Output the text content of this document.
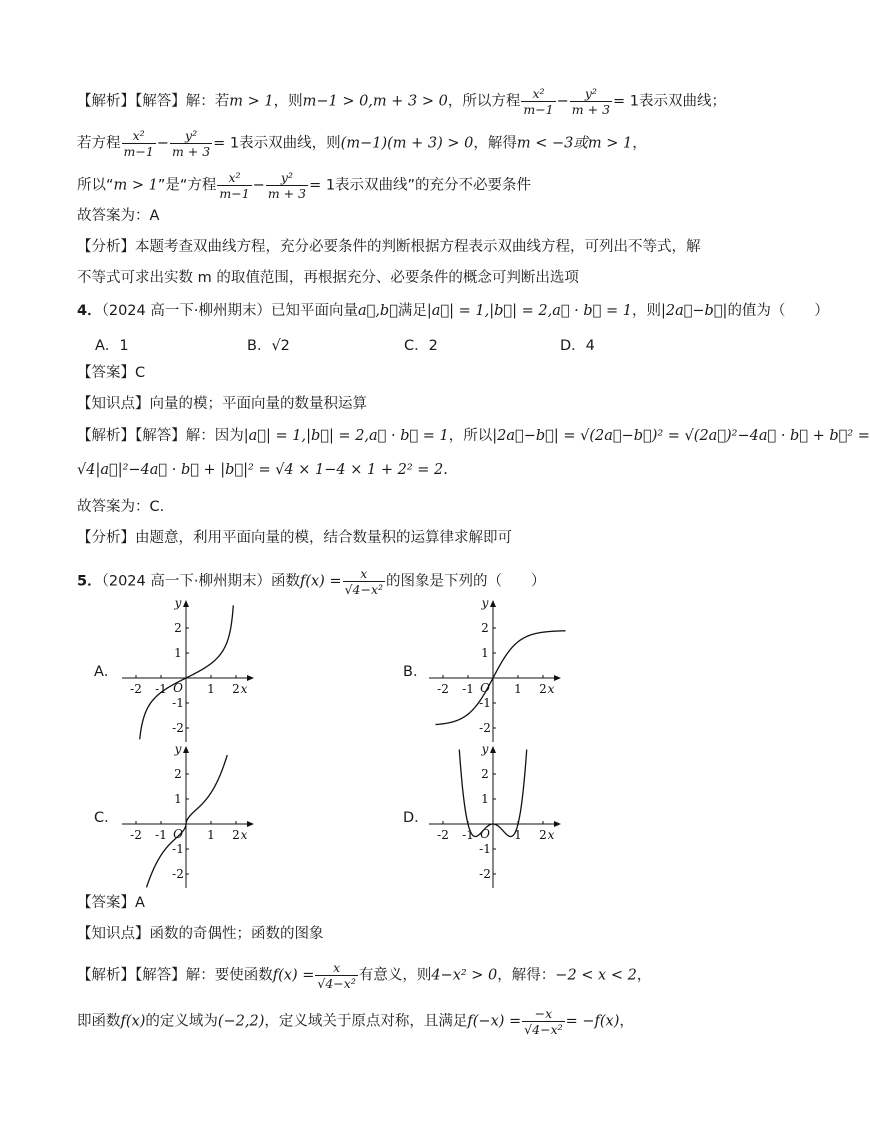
【解析】【解答】解：若m > 1，则m−1 > 0,m + 3 > 0，所以方程 $\frac{\text{x²}}{m-1} - \frac{\text{y²}}{m + 3} = 1$表示双曲线；
若方程 $\frac{\text{x²}}{m-1} - \frac{\text{y²}}{m + 3} = 1$表示双曲线，则(m−1)(m + 3) > 0，解得m < −3或m > 1，
所以“m > 1”是“方程 $\frac{\text{x²}}{m-1} - \frac{\text{y²}}{m + 3} = 1$表示双曲线”的充分不必要条件
故答案为：A
【分析】本题考查双曲线方程，充分必要条件的判断根据方程表示双曲线方程，可列出不等式，解
不等式可求出实数 m 的取值范围，再根据充分、必要条件的概念可判断出选项
4．（2024 高一下·柳州期末）已知平面向量a⃗,b⃗满足|a⃗| = 1,|b⃗| = 2,a⃗ · b⃗ = 1，则|2a⃗−b⃗|的值为（　　）
A．1	B．√2	C．2	D．4
【答案】C
【知识点】向量的模；平面向量的数量积运算
【解析】【解答】解：因为|a⃗| = 1,|b⃗| = 2,a⃗ · b⃗ = 1，所以|2a⃗−b⃗| = √(2a⃗−b⃗)² = √(2a⃗)²−4a⃗ · b⃗ + b⃗² =
√4|a⃗|²−4a⃗ · b⃗ + |b⃗|² = √4 × 1−4 × 1 + 2² = 2.
故答案为：C.
【分析】由题意，利用平面向量的模，结合数量积的运算律求解即可
5．（2024 高一下·柳州期末）函数$f(x) = \frac{x}{\text{√4−x²}}$ 的图象是下列的（　　）
A．	B．
C．	D．
y
x
O
-2 -1	1 2
2
1
-1
-2
y
x
O
-2 -1	1 2
2
1
-1
-2
y
x
O
-2 -1	1 2
2
1
-1
-2
y
x
O
-2 -1	1 2
2
1
-1
-2
【答案】A
【知识点】函数的奇偶性；函数的图象
【解析】【解答】解：要使函数$f(x) = \frac{x}{\text{√4−x²}}$ 有意义，则4−x² > 0，解得：−2 < x < 2，
即函数f(x)的定义域为(−2,2)，定义域关于原点对称，且满足$f(-x) = \frac{-x}{\text{√4−x²}} = -f(x)$，
